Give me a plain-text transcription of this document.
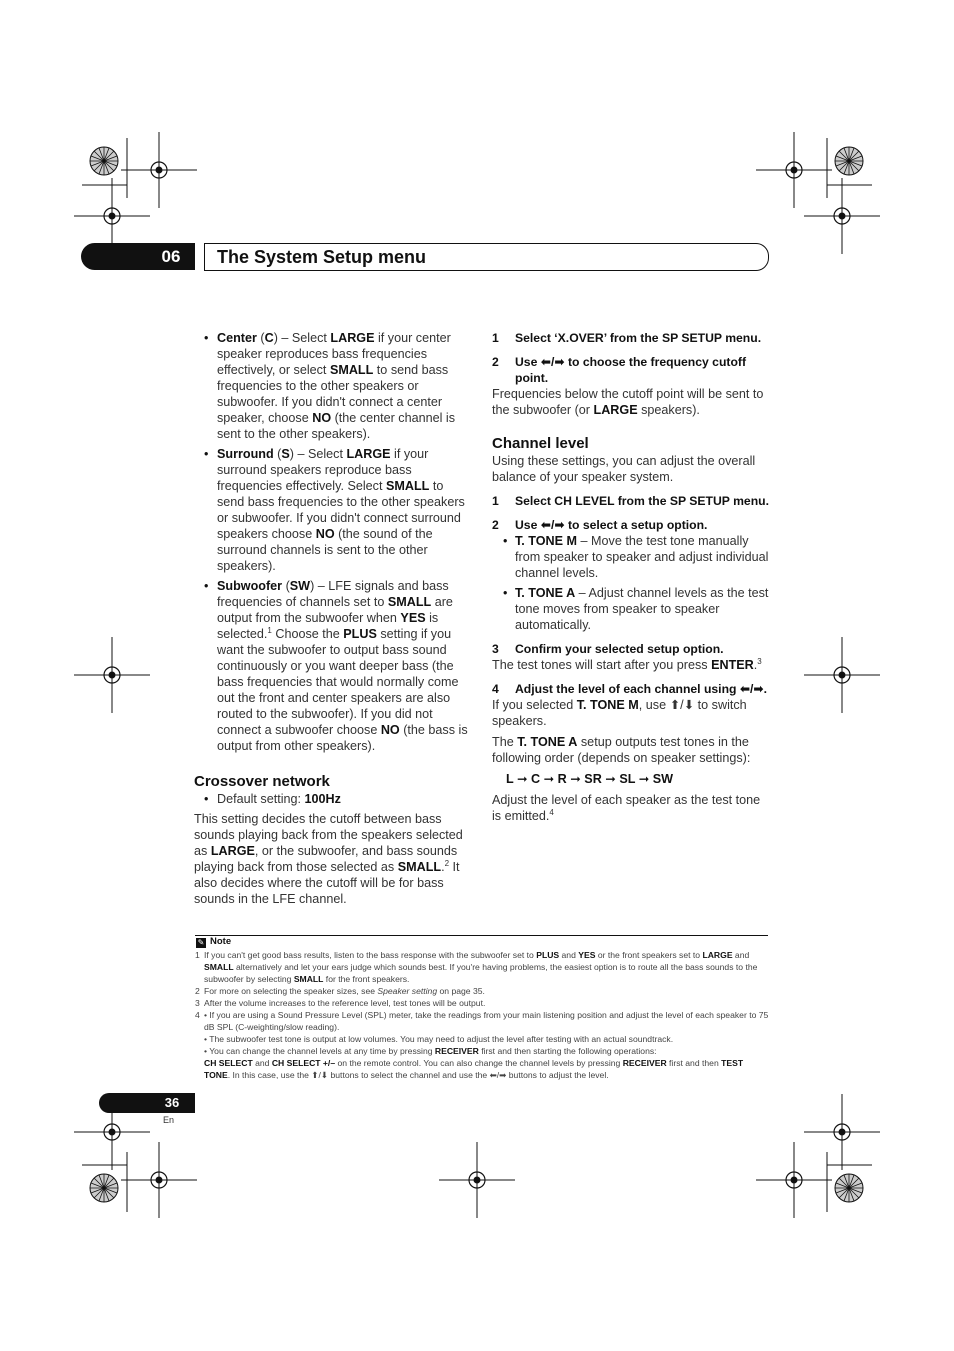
06	The System Setup menu
• Center (C) – Select LARGE if your center speaker reproduces bass frequencies effectively, or select SMALL to send bass frequencies to the other speakers or subwoofer. If you didn't connect a center speaker, choose NO (the center channel is sent to the other speakers).
• Surround (S) – Select LARGE if your surround speakers reproduce bass frequencies effectively. Select SMALL to send bass frequencies to the other speakers or subwoofer. If you didn't connect surround speakers choose NO (the sound of the surround channels is sent to the other speakers).
• Subwoofer (SW) – LFE signals and bass frequencies of channels set to SMALL are output from the subwoofer when YES is selected.$^1$ Choose the PLUS setting if you want the subwoofer to output bass sound continuously or you want deeper bass (the bass frequencies that would normally come out the front and center speakers are also routed to the subwoofer). If you did not connect a subwoofer choose NO (the bass is output from other speakers).
Crossover network
• Default setting: 100Hz

This setting decides the cutoff between bass sounds playing back from the speakers selected as LARGE, or the subwoofer, and bass sounds playing back from those selected as SMALL.$^2$ It also decides where the cutoff will be for bass sounds in the LFE channel.

1 Select ‘X.OVER’ from the SP SETUP menu.

2 Use ⬅/➡ to choose the frequency cutoff point.

Frequencies below the cutoff point will be sent to the subwoofer (or LARGE speakers).

Channel level

Using these settings, you can adjust the overall balance of your speaker system.

1 Select CH LEVEL from the SP SETUP menu.

2 Use ⬅/➡ to select a setup option.

• T. TONE M – Move the test tone manually from speaker to speaker and adjust individual channel levels.
• T. TONE A – Adjust channel levels as the test tone moves from speaker to speaker automatically.

3 Confirm your selected setup option.

The test tones will start after you press ENTER.$^3$

4 Adjust the level of each channel using ⬅/➡.

If you selected T. TONE M, use ⬆/⬇ to switch speakers.

The T. TONE A setup outputs test tones in the following order (depends on speaker settings):

L ➞ C ➞ R ➞ SR ➞ SL ➞ SW

Adjust the level of each speaker as the test tone is emitted.$^4$

✎ Note

1 If you can't get good bass results, listen to the bass response with the subwoofer set to PLUS and YES or the front speakers set to LARGE and SMALL alternatively and let your ears judge which sounds best. If you're having problems, the easiest option is to route all the bass sounds to the subwoofer by selecting SMALL for the front speakers.

2 For more on selecting the speaker sizes, see Speaker setting on page 35.

3 After the volume increases to the reference level, test tones will be output.

4 • If you are using a Sound Pressure Level (SPL) meter, take the readings from your main listening position and adjust the level of each speaker to 75 dB SPL (C-weighting/slow reading).

• The subwoofer test tone is output at low volumes. You may need to adjust the level after testing with an actual soundtrack.

• You can change the channel levels at any time by pressing RECEIVER first and then starting the following operations:

CH SELECT and CH SELECT +/– on the remote control. You can also change the channel levels by pressing RECEIVER first and then TEST TONE. In this case, use the ⬆/⬇ buttons to select the channel and use the ⬅/➡ buttons to adjust the level.

36
En
